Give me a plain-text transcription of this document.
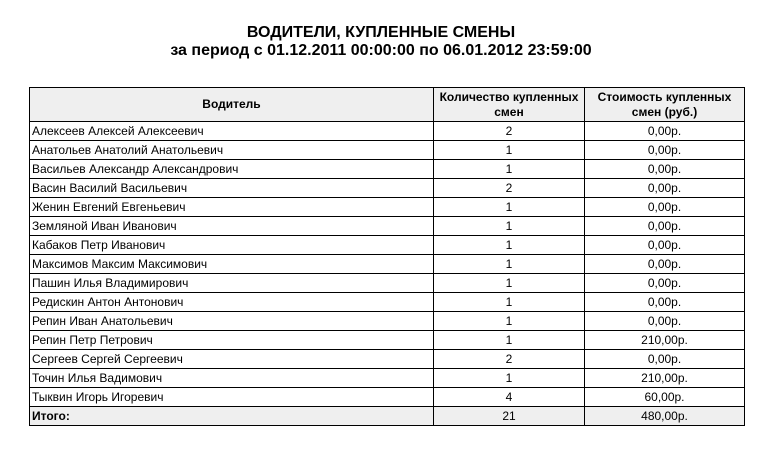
ВОДИТЕЛИ, КУПЛЕННЫЕ СМЕНЫ
за период с 01.12.2011 00:00:00 по 06.01.2012 23:59:00
Водитель	Количество купленных смен	Стоимость купленных смен (руб.)
Алексеев Алексей Алексеевич	2	0,00р.
Анатольев Анатолий Анатольевич	1	0,00р.
Васильев Александр Александрович	1	0,00р.
Васин Василий Васильевич	2	0,00р.
Женин Евгений Евгеньевич	1	0,00р.
Земляной Иван Иванович	1	0,00р.
Кабаков Петр Иванович	1	0,00р.
Максимов Максим Максимович	1	0,00р.
Пашин Илья Владимирович	1	0,00р.
Редискин Антон Антонович	1	0,00р.
Репин Иван Анатольевич	1	0,00р.
Репин Петр Петрович	1	210,00р.
Сергеев Сергей Сергеевич	2	0,00р.
Точин Илья Вадимович	1	210,00р.
Тыквин Игорь Игоревич	4	60,00р.
Итого:	21	480,00р.
